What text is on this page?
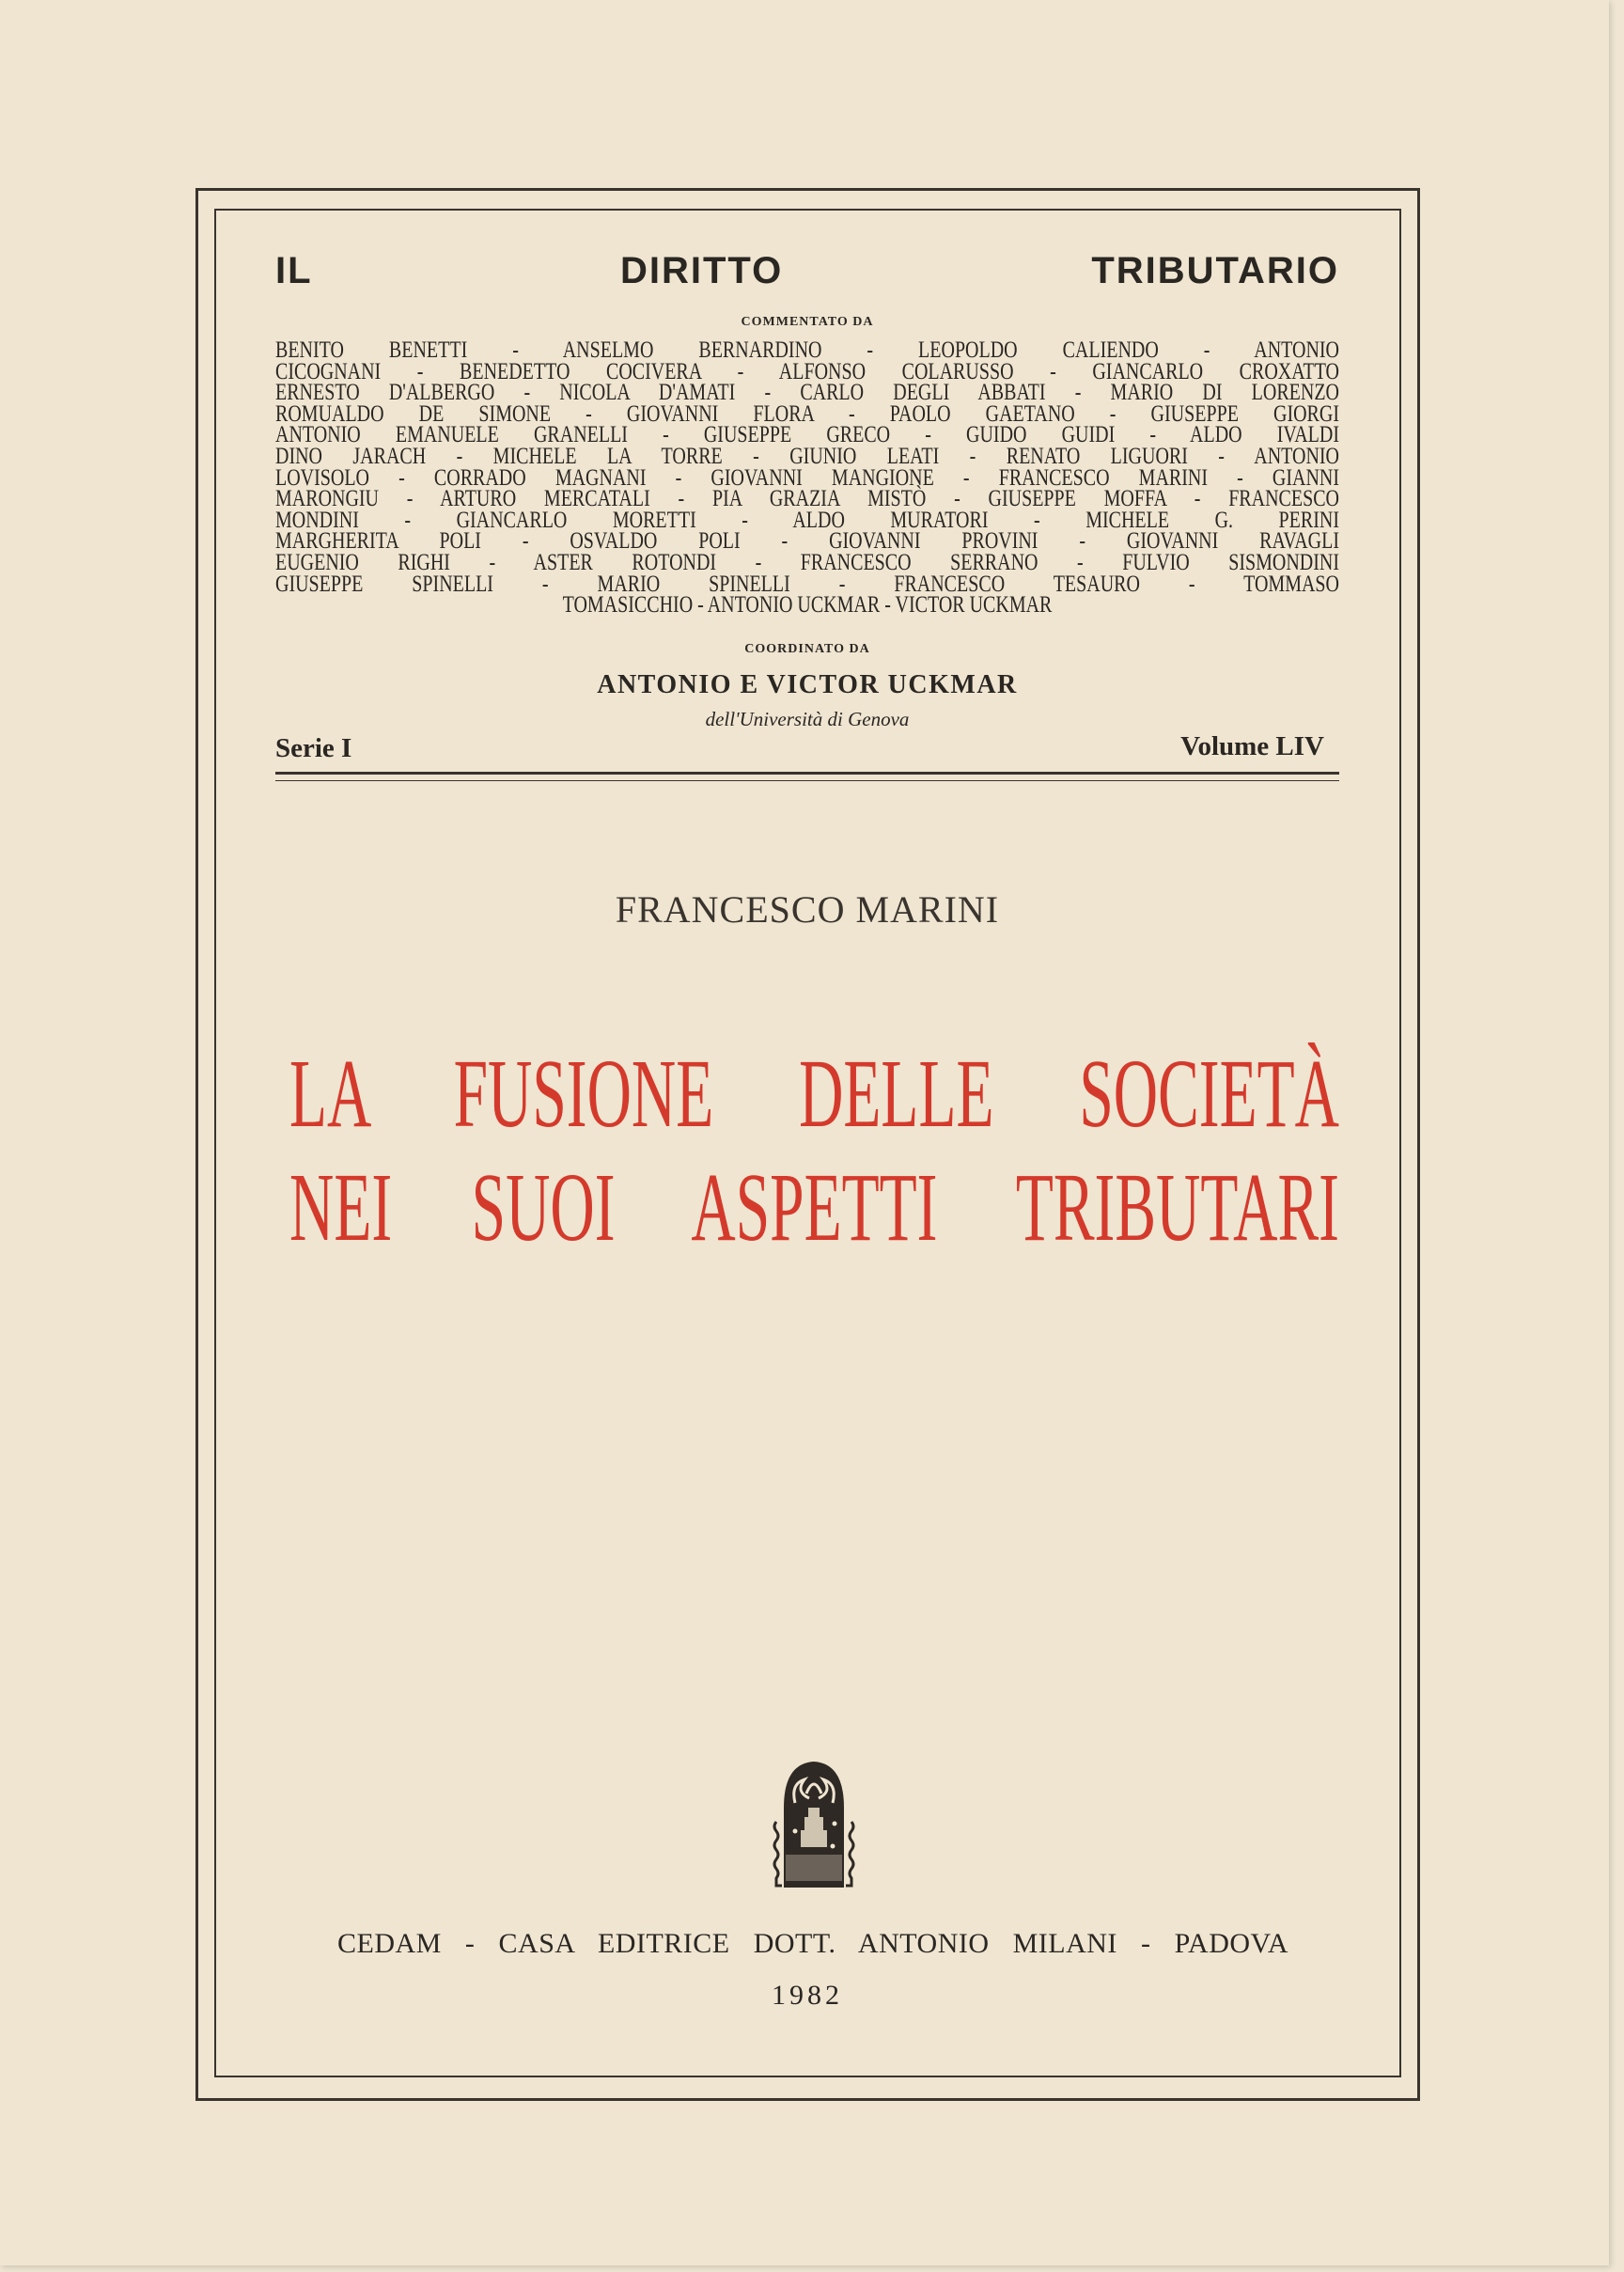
IL DIRITTO TRIBUTARIO
COMMENTATO DA
BENITO BENETTI - ANSELMO BERNARDINO - LEOPOLDO CALIENDO - ANTONIO
CICOGNANI - BENEDETTO COCIVERA - ALFONSO COLARUSSO - GIANCARLO CROXATTO
ERNESTO D'ALBERGO - NICOLA D'AMATI - CARLO DEGLI ABBATI - MARIO DI LORENZO
ROMUALDO DE SIMONE - GIOVANNI FLORA - PAOLO GAETANO - GIUSEPPE GIORGI
ANTONIO EMANUELE GRANELLI - GIUSEPPE GRECO - GUIDO GUIDI - ALDO IVALDI
DINO JARACH - MICHELE LA TORRE - GIUNIO LEATI - RENATO LIGUORI - ANTONIO
LOVISOLO - CORRADO MAGNANI - GIOVANNI MANGIONE - FRANCESCO MARINI - GIANNI
MARONGIU - ARTURO MERCATALI - PIA GRAZIA MISTÒ - GIUSEPPE MOFFA - FRANCESCO
MONDINI - GIANCARLO MORETTI - ALDO MURATORI - MICHELE G. PERINI
MARGHERITA POLI - OSVALDO POLI - GIOVANNI PROVINI - GIOVANNI RAVAGLI
EUGENIO RIGHI - ASTER ROTONDI - FRANCESCO SERRANO - FULVIO SISMONDINI
GIUSEPPE SPINELLI - MARIO SPINELLI - FRANCESCO TESAURO - TOMMASO
TOMASICCHIO - ANTONIO UCKMAR - VICTOR UCKMAR
COORDINATO DA
ANTONIO E VICTOR UCKMAR
dell'Università di Genova
Serie I	Volume LIV
FRANCESCO MARINI
LA FUSIONE DELLE SOCIETÀ
NEI SUOI ASPETTI TRIBUTARI
CEDAM - CASA EDITRICE DOTT. ANTONIO MILANI - PADOVA
1982
